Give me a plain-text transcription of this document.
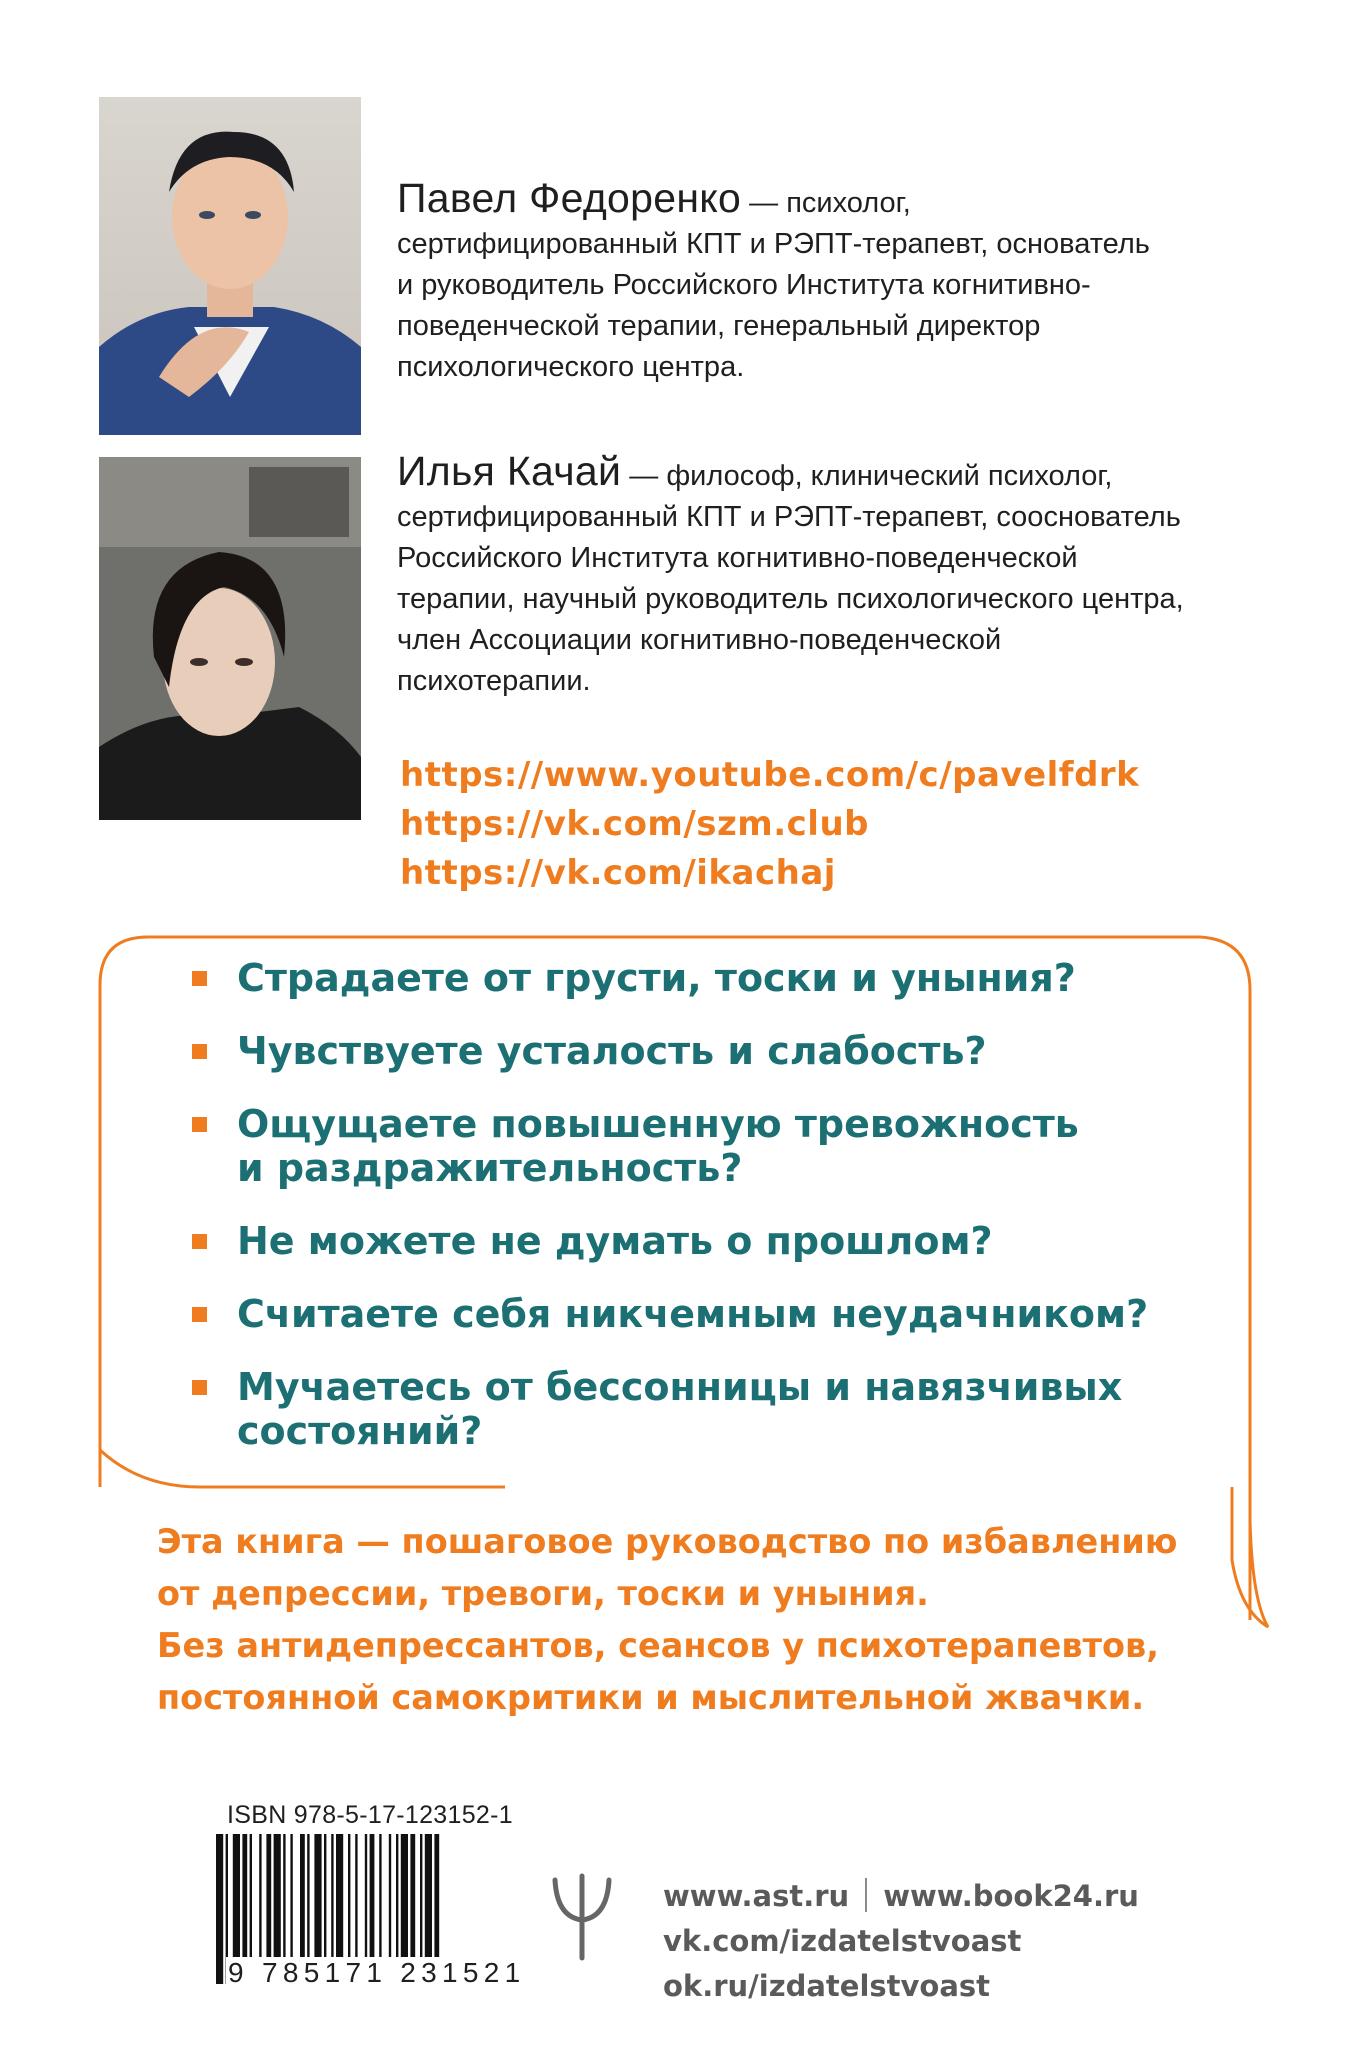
Павел Федоренко — психолог,
сертифицированный КПТ и РЭПТ-терапевт, основатель
и руководитель Российского Института когнитивно-
поведенческой терапии, генеральный директор
психологического центра.
Илья Качай — философ, клинический психолог,
сертифицированный КПТ и РЭПТ-терапевт, сооснователь
Российского Института когнитивно-поведенческой
терапии, научный руководитель психологического центра,
член Ассоциации когнитивно-поведенческой
психотерапии.
https://www.youtube.com/c/pavelfdrk
https://vk.com/szm.club
https://vk.com/ikachaj
Страдаете от грусти, тоски и уныния?
Чувствуете усталость и слабость?
Ощущаете повышенную тревожность
и раздражительность?
Не можете не думать о прошлом?
Считаете себя никчемным неудачником?
Мучаетесь от бессонницы и навязчивых
состояний?
Эта книга — пошаговое руководство по избавлению
от депрессии, тревоги, тоски и уныния.
Без антидепрессантов, сеансов у психотерапевтов,
постоянной самокритики и мыслительной жвачки.
ISBN 978-5-17-123152-1
9 785171 231521
www.ast.ru www.book24.ru
vk.com/izdatelstvoast
ok.ru/izdatelstvoast
